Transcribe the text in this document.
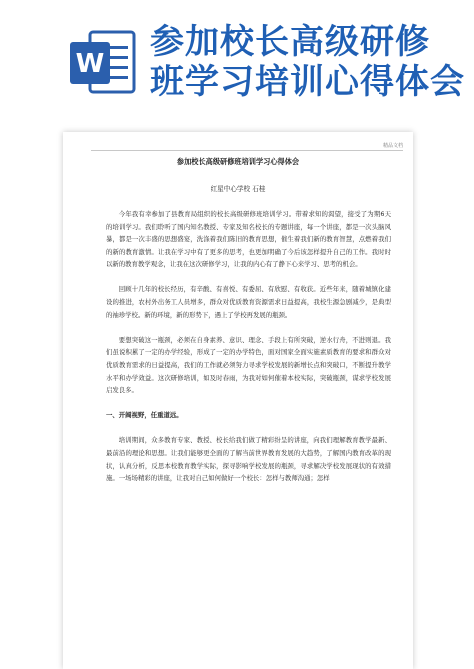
W
参加校长高级研修
班学习培训心得体会
精品文档
参加校长高级研修班培训学习心得体会
红星中心学校 石桂

今年我有幸参加了县教育局组织的校长高级研修班培训学习。带着求知的渴望，接受了为期6天的培训学习。我们聆听了国内知名教授、专家及知名校长的专题讲座，每一个讲座，都是一次头脑风暴，都是一次丰盛的思想盛宴，洗涤着我们陈旧的教育思想，催生着我们新的教育智慧，点燃着我们的新的教育激情。让我在学习中有了更多的思考，也更加明确了今后该怎样提升自己的工作。我时时以新的教育教学观念，让我在这次研修学习，让我的内心有了静下心来学习、思考的机会。

回顾十几年的校长经历，有辛酸、有喜悦、有委屈、有欣慰、有收获。近些年来，随着城镇化建设的推进，农村外出务工人员增多，群众对优质教育资源需求日益提高，我校生源急剧减少，是典型的袖珍学校。新的环境，新的形势下，遇上了学校再发展的瓶颈。

要想突破这一瓶颈，必须在自身素养、意识、理念、手段上有所突破，逆水行舟，不进则退。我们虽说积累了一定的办学经验，形成了一定的办学特色，面对国家全面实施素质教育的要求和群众对优质教育需求的日益提高，我们的工作就必须努力寻求学校发展的新增长点和突破口，不断提升教学水平和办学效益。这次研修培训，如及时春雨，为我对如何催着本校实际，突破瓶颈，谋求学校发展启发良多。

一、开阔视野，任重道远。

培训期间，众多教育专家、教授、校长给我们做了精彩纷呈的讲座，向我们理解教育教学最新、最前沿的理论和思想。让我们能够更全面的了解当前世界教育发展的大趋势，了解国内教育改革的现状，认真分析，反思本校教育教学实际，探寻影响学校发展的瓶颈，寻求解决学校发展现状的有效措施。一场场精彩的讲座，让我对自己如何做好一个校长：怎样与教师沟通；怎样
